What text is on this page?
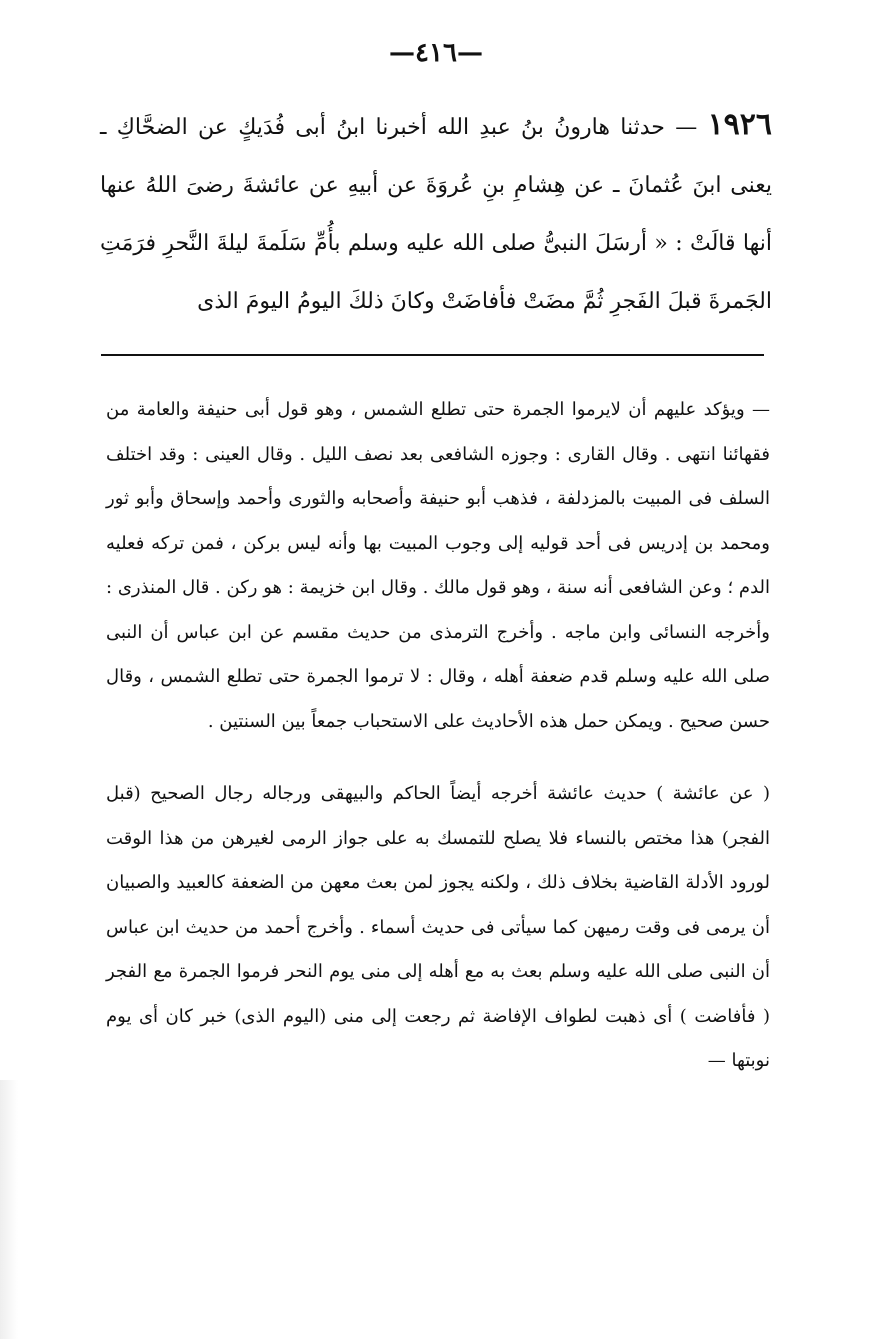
—٤١٦—
١٩٢٦ — حدثنا هارونُ بنُ عبدِ الله أخبرنا ابنُ أبى فُدَيكٍ عن الضحَّاكِ ـ يعنى ابنَ عُثمانَ ـ عن هِشامِ بنِ عُروَةَ عن أبيهِ عن عائشةَ رضىَ اللهُ عنها أنها قالَتْ : « أرسَلَ النبىُّ صلى الله عليه وسلم بأُمِّ سَلَمةَ ليلةَ النَّحرِ فرَمَتِ الجَمرةَ قبلَ الفَجرِ ثُمَّ مضَتْ فأفاضَتْ وكانَ ذلكَ اليومُ اليومَ الذى

— ويؤكد عليهم أن لايرموا الجمرة حتى تطلع الشمس ، وهو قول أبى حنيفة والعامة من فقهائنا انتهى . وقال القارى : وجوزه الشافعى بعد نصف الليل . وقال العينى : وقد اختلف السلف فى المبيت بالمزدلفة ، فذهب أبو حنيفة وأصحابه والثورى وأحمد وإسحاق وأبو ثور ومحمد بن إدريس فى أحد قوليه إلى وجوب المبيت بها وأنه ليس بركن ، فمن تركه فعليه الدم ؛ وعن الشافعى أنه سنة ، وهو قول مالك . وقال ابن خزيمة : هو ركن . قال المنذرى : وأخرجه النسائى وابن ماجه . وأخرج الترمذى من حديث مقسم عن ابن عباس أن النبى صلى الله عليه وسلم قدم ضعفة أهله ، وقال : لا ترموا الجمرة حتى تطلع الشمس ، وقال حسن صحيح . ويمكن حمل هذه الأحاديث على الاستحباب جمعاً بين السنتين .

( عن عائشة ) حديث عائشة أخرجه أيضاً الحاكم والبيهقى ورجاله رجال الصحيح (قبل الفجر) هذا مختص بالنساء فلا يصلح للتمسك به على جواز الرمى لغيرهن من هذا الوقت لورود الأدلة القاضية بخلاف ذلك ، ولكنه يجوز لمن بعث معهن من الضعفة كالعبيد والصبيان أن يرمى فى وقت رميهن كما سيأتى فى حديث أسماء . وأخرج أحمد من حديث ابن عباس أن النبى صلى الله عليه وسلم بعث به مع أهله إلى منى يوم النحر فرموا الجمرة مع الفجر ( فأفاضت ) أى ذهبت لطواف الإفاضة ثم رجعت إلى منى (اليوم الذى) خبر كان أى يوم نوبتها —
